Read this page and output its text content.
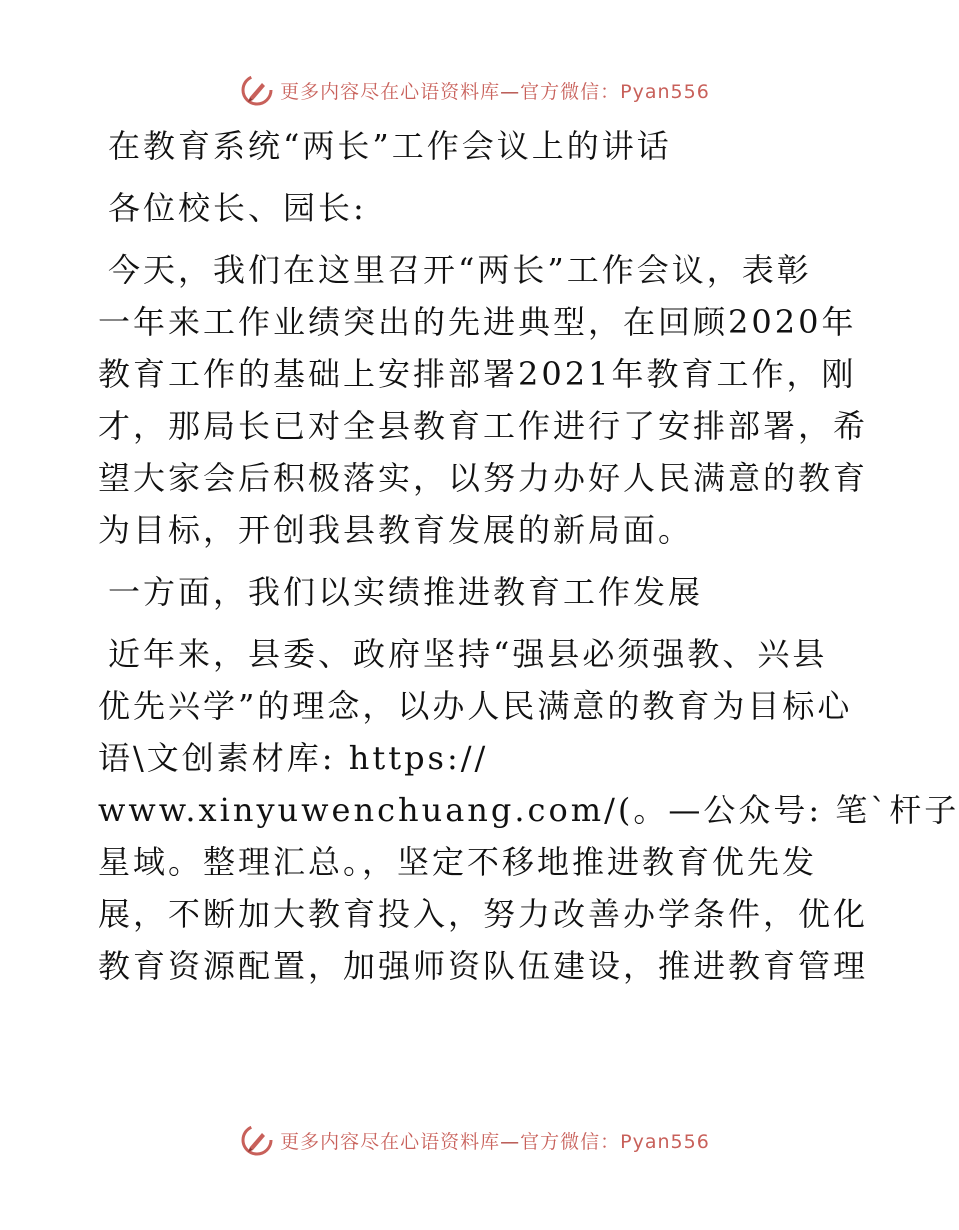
更多内容尽在心语资料库—官方微信：Pyan556
在教育系统“两长”工作会议上的讲话
各位校长、园长:
今天，我们在这里召开“两长”工作会议，表彰
一年来工作业绩突出的先进典型，在回顾2020年
教育工作的基础上安排部署2021年教育工作，刚
才，那局长已对全县教育工作进行了安排部署，希
望大家会后积极落实，以努力办好人民满意的教育
为目标，开创我县教育发展的新局面。
一方面，我们以实绩推进教育工作发展
近年来，县委、政府坚持“强县必须强教、兴县
优先兴学”的理念，以办人民满意的教育为目标心
语\文创素材库: https://
www.xinyuwenchuang.com/(。—公众号: 笔`杆子
星域。整理汇总。，坚定不移地推进教育优先发
展，不断加大教育投入，努力改善办学条件，优化
教育资源配置，加强师资队伍建设，推进教育管理
更多内容尽在心语资料库—官方微信：Pyan556
